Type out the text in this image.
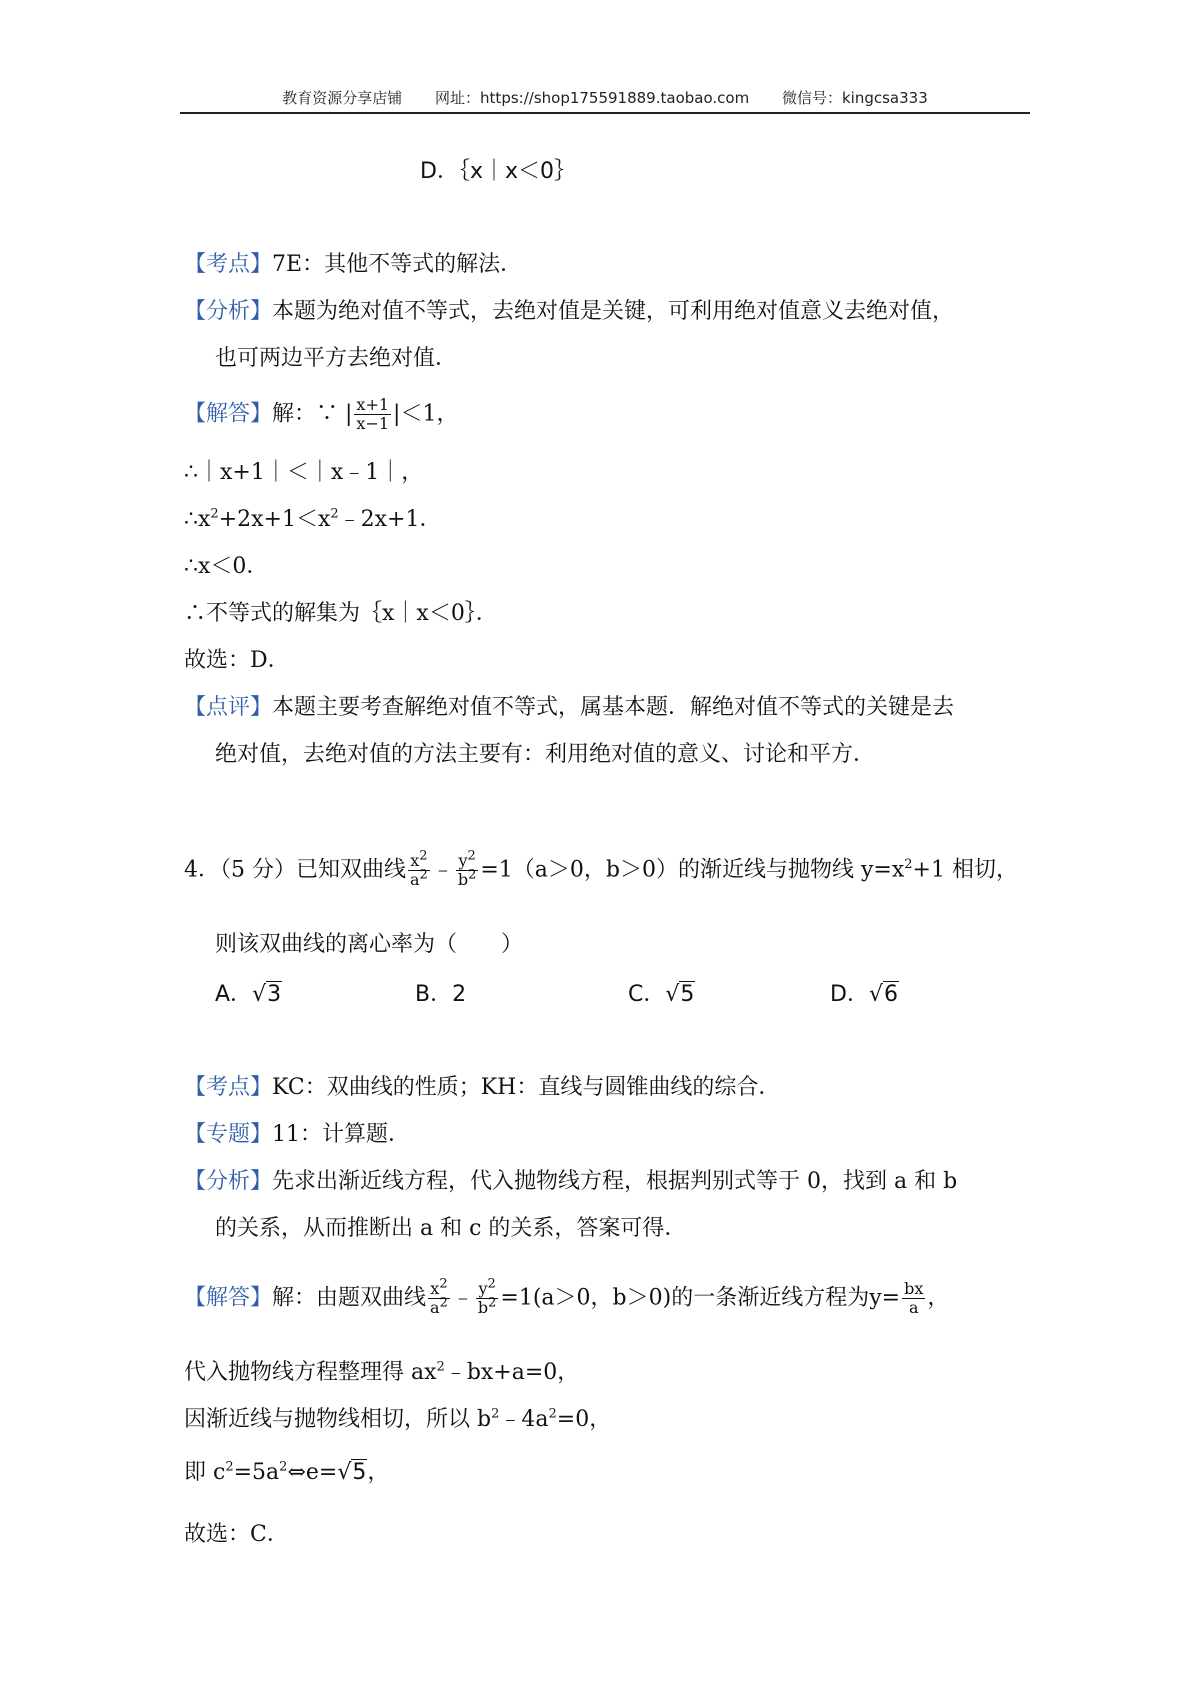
教育资源分享店铺 网址：https://shop175591889.taobao.com 微信号：kingcsa333
D．｛x｜x＜0｝
【考点】7E：其他不等式的解法．
【分析】本题为绝对值不等式，去绝对值是关键，可利用绝对值意义去绝对值，
也可两边平方去绝对值．
【解答】解：∵ | $\frac{x+1}{x-1} |<1$，
∴｜x+1｜＜｜x﹣1｜，
$\therefore x^2+2x+1<x^2﹣2x+1$．
∴x＜0．
∴不等式的解集为｛x｜x＜0｝．
故选：D．
【点评】本题主要考查解绝对值不等式，属基本题．解绝对值不等式的关键是去
绝对值，去绝对值的方法主要有：利用绝对值的意义、讨论和平方．
4．（5 分）已知双曲线 $\frac{x^2}{a^2}$ ﹣ $\frac{y^2}{b^2} =1(a>0$，b＞0）的渐近线与抛物线 $y=x^2+1$ 相切，
则该双曲线的离心率为（　　）
A．√3	B．2	C．√5	D．√6
【考点】KC：双曲线的性质；KH：直线与圆锥曲线的综合．
【专题】11：计算题．
【分析】先求出渐近线方程，代入抛物线方程，根据判别式等于 0，找到 a 和 b
的关系，从而推断出 a 和 c 的关系，答案可得．
【解答】解：由题双曲线 $\frac{x^2}{a^2}$ ﹣ $\frac{y^2}{b^2} =1(a>0$，b＞0)的一条渐近线方程为$y= \frac{bx}{a}$ ，
代入抛物线方程整理得 $ax^2﹣bx+a=0$，
因渐近线与抛物线相切，所以 $b^2﹣4a^2=0$，
即 $c^2=5a^2\Leftrightarrow e=√5$，
故选：C．
